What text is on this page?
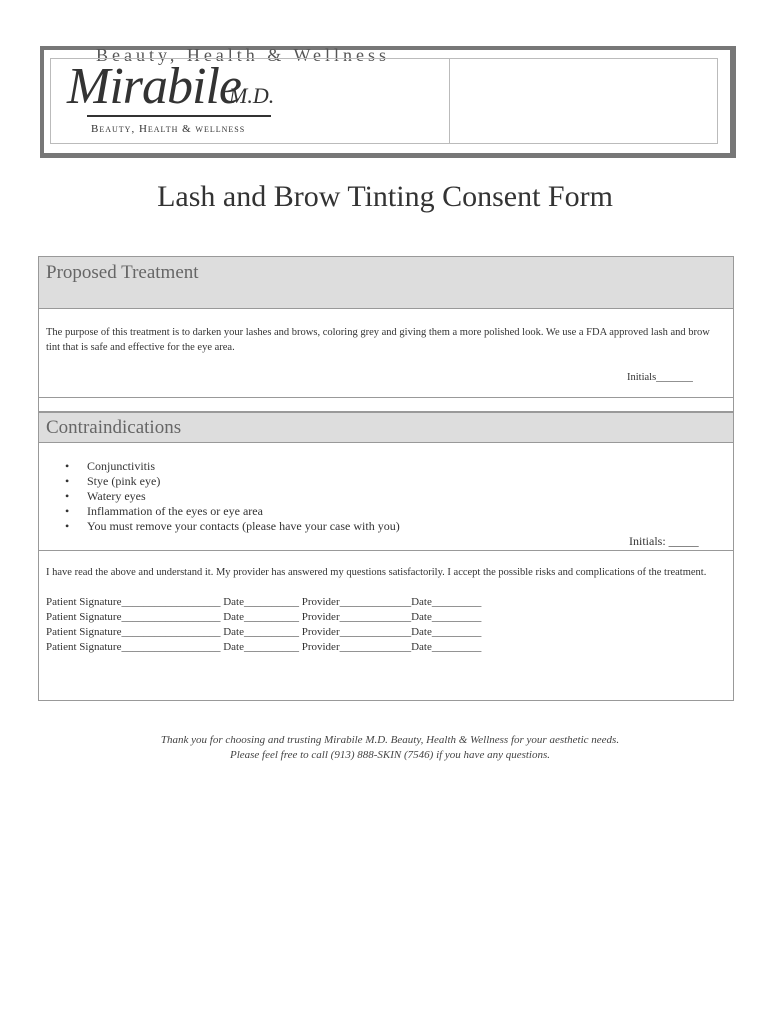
Beauty, Health & Wellness
Mirabile
M.D.
Beauty, Health & wellness
Lash and Brow Tinting Consent Form
Proposed Treatment
The purpose of this treatment is to darken your lashes and brows, coloring grey and giving them a more polished look. We use a FDA approved lash and brow tint that is safe and effective for the eye area.
Initials_______
Contraindications
• Conjunctivitis
• Stye (pink eye)
• Watery eyes
• Inflammation of the eyes or eye area
• You must remove your contacts (please have your case with you)
Initials: _____
I have read the above and understand it. My provider has answered my questions satisfactorily. I accept the possible risks and complications of the treatment.
Patient Signature__________________ Date__________ Provider_____________Date_________
Patient Signature__________________ Date__________ Provider_____________Date_________
Patient Signature__________________ Date__________ Provider_____________Date_________
Patient Signature__________________ Date__________ Provider_____________Date_________
Thank you for choosing and trusting Mirabile M.D. Beauty, Health & Wellness for your aesthetic needs.
Please feel free to call (913) 888-SKIN (7546) if you have any questions.
